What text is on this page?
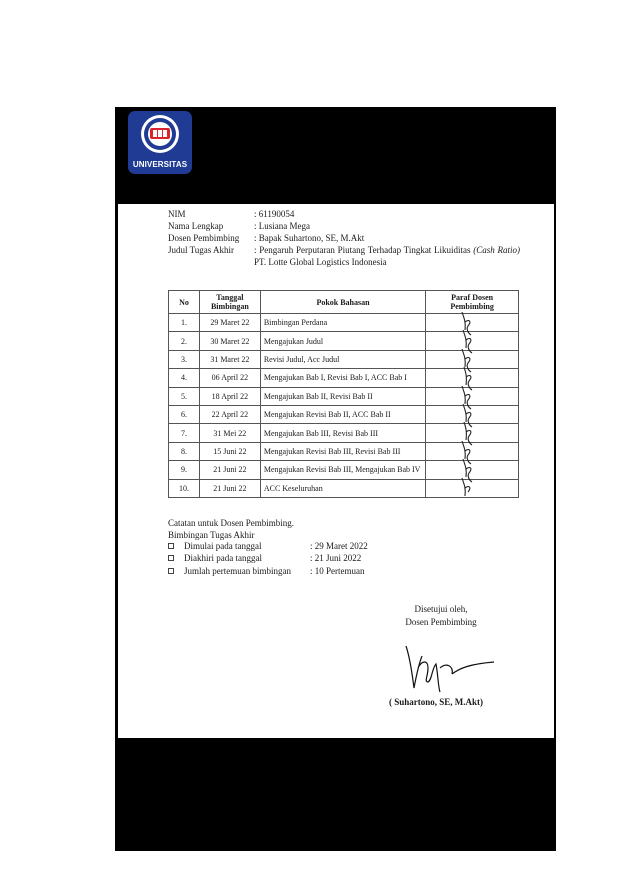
UNIVERSITAS
NIM	: 61190054
Nama Lengkap	: Lusiana Mega
Dosen Pembimbing : Bapak Suhartono, SE, M.Akt
Judul Tugas Akhir : Pengaruh Perputaran Piutang Terhadap Tingkat Likuiditas (Cash Ratio) PT. Lotte Global Logistics Indonesia
No	Tanggal Bimbingan	Pokok Bahasan	Paraf Dosen Pembimbing
1.	29 Maret 22	Bimbingan Perdana	

2.	30 Maret 22	Mengajukan Judul	

3.	31 Maret 22	Revisi Judul, Acc Judul	

4.	06 April 22	Mengajukan Bab I, Revisi Bab I, ACC Bab I	

5.	18 April 22	Mengajukan Bab II, Revisi Bab II	

6.	22 April 22	Mengajukan Revisi Bab II, ACC Bab II	

7.	31 Mei 22	Mengajukan Bab III, Revisi Bab III	

8.	15 Juni 22	Mengajukan Revisi Bab III, Revisi Bab III	

9.	21 Juni 22	Mengajukan Revisi Bab III, Mengajukan Bab IV	

10.	21 Juni 22	ACC Keseluruhan	
Catatan untuk Dosen Pembimbing.
Bimbingan Tugas Akhir
Dimulai pada tanggal	: 29 Maret 2022
Diakhiri pada tanggal	: 21 Juni 2022
Jumlah pertemuan bimbingan : 10 Pertemuan
Disetujui oleh,
Dosen Pembimbing
( Suhartono, SE, M.Akt)
